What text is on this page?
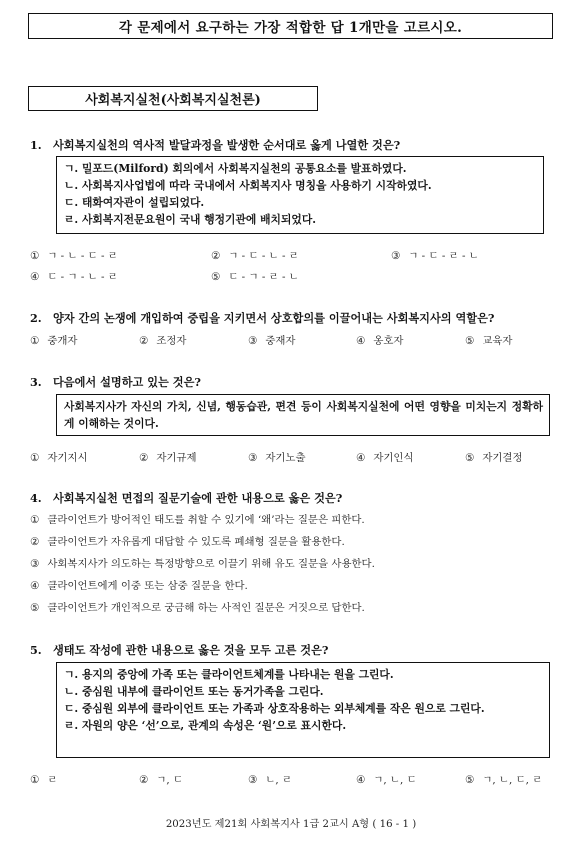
각 문제에서 요구하는 가장 적합한 답 1개만을 고르시오.
사회복지실천(사회복지실천론)
1. 사회복지실천의 역사적 발달과정을 발생한 순서대로 옳게 나열한 것은?
ㄱ. 밀포드(Milford) 회의에서 사회복지실천의 공통요소를 발표하였다.
ㄴ. 사회복지사업법에 따라 국내에서 사회복지사 명칭을 사용하기 시작하였다.
ㄷ. 태화여자관이 설립되었다.
ㄹ. 사회복지전문요원이 국내 행정기관에 배치되었다.
① ㄱ - ㄴ - ㄷ - ㄹ	② ㄱ - ㄷ - ㄴ - ㄹ	③ ㄱ - ㄷ - ㄹ - ㄴ
④ ㄷ - ㄱ - ㄴ - ㄹ	⑤ ㄷ - ㄱ - ㄹ - ㄴ
2. 양자 간의 논쟁에 개입하여 중립을 지키면서 상호합의를 이끌어내는 사회복지사의 역할은?
① 중개자	② 조정자	③ 중재자	④ 옹호자	⑤ 교육자
3. 다음에서 설명하고 있는 것은?
사회복지사가 자신의 가치, 신념, 행동습관, 편견 등이 사회복지실천에 어떤 영향을 미치는지 정확하게 이해하는 것이다.
① 자기지시	② 자기규제	③ 자기노출	④ 자기인식	⑤ 자기결정
4. 사회복지실천 면접의 질문기술에 관한 내용으로 옳은 것은?
① 클라이언트가 방어적인 태도를 취할 수 있기에 ‘왜’라는 질문은 피한다.
② 클라이언트가 자유롭게 대답할 수 있도록 폐쇄형 질문을 활용한다.
③ 사회복지사가 의도하는 특정방향으로 이끌기 위해 유도 질문을 사용한다.
④ 클라이언트에게 이중 또는 삼중 질문을 한다.
⑤ 클라이언트가 개인적으로 궁금해 하는 사적인 질문은 거짓으로 답한다.
5. 생태도 작성에 관한 내용으로 옳은 것을 모두 고른 것은?
ㄱ. 용지의 중앙에 가족 또는 클라이언트체계를 나타내는 원을 그린다.
ㄴ. 중심원 내부에 클라이언트 또는 동거가족을 그린다.
ㄷ. 중심원 외부에 클라이언트 또는 가족과 상호작용하는 외부체계를 작은 원으로 그린다.
ㄹ. 자원의 양은 ‘선’으로, 관계의 속성은 ‘원’으로 표시한다.
① ㄹ	② ㄱ, ㄷ	③ ㄴ, ㄹ	④ ㄱ, ㄴ, ㄷ	⑤ ㄱ, ㄴ, ㄷ, ㄹ
2023년도 제21회 사회복지사 1급 2교시 A형 ( 16 - 1 )
